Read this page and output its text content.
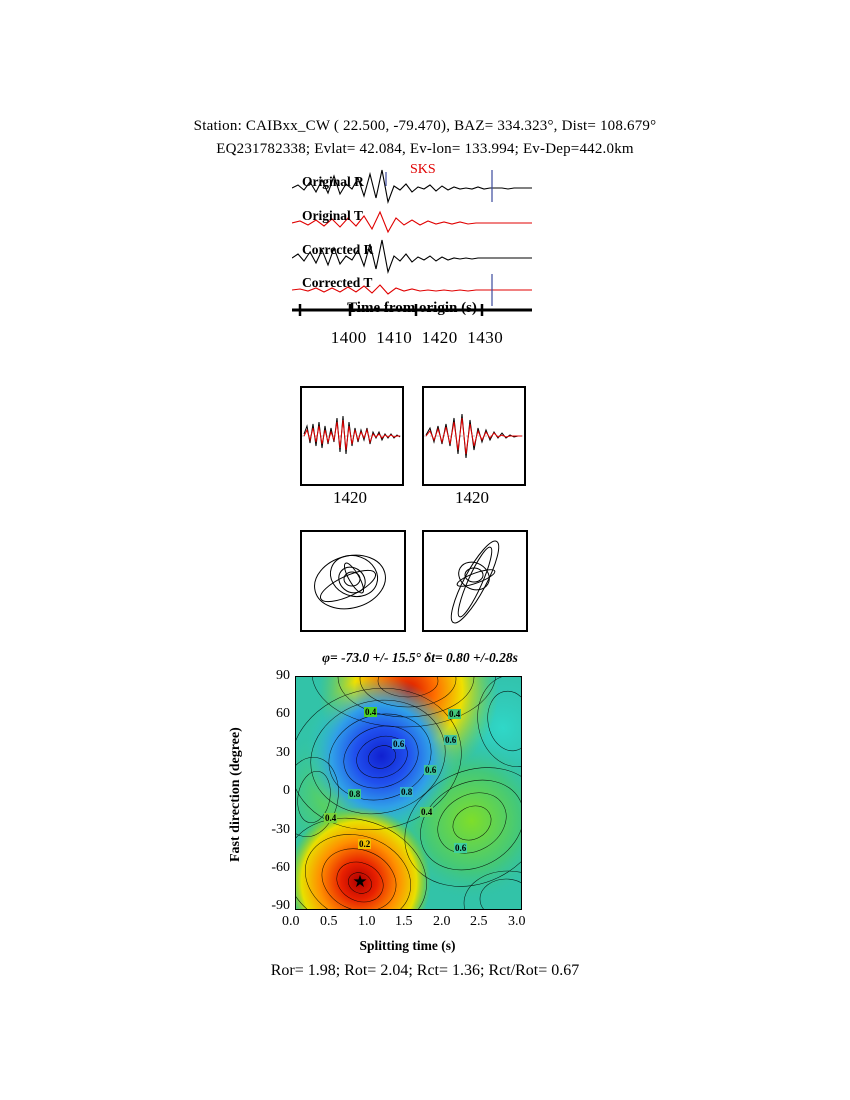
Station: CAIBxx_CW ( 22.500, -79.470), BAZ= 334.323°, Dist= 108.679°
EQ231782338; Evlat= 42.084, Ev-lon= 133.994; Ev-Dep=442.0km
Original R
Original T
Corrected R
Corrected T
SKS
Time from origin (s)
1400 1410 1420 1430
1420	1420
φ= -73.0 +/- 15.5° δt= 0.80 +/-0.28s
Fast direction (degree)
90
60
30
0
-30
-60
-90
★
0.4	0.4
0.6	0.6
0.8	0.8
0.6
0.4
0.4
0.2	0.6
0.0 0.5 1.0 1.5 2.0 2.5 3.0
Splitting time (s)
Ror= 1.98; Rot= 2.04; Rct= 1.36; Rct/Rot= 0.67
